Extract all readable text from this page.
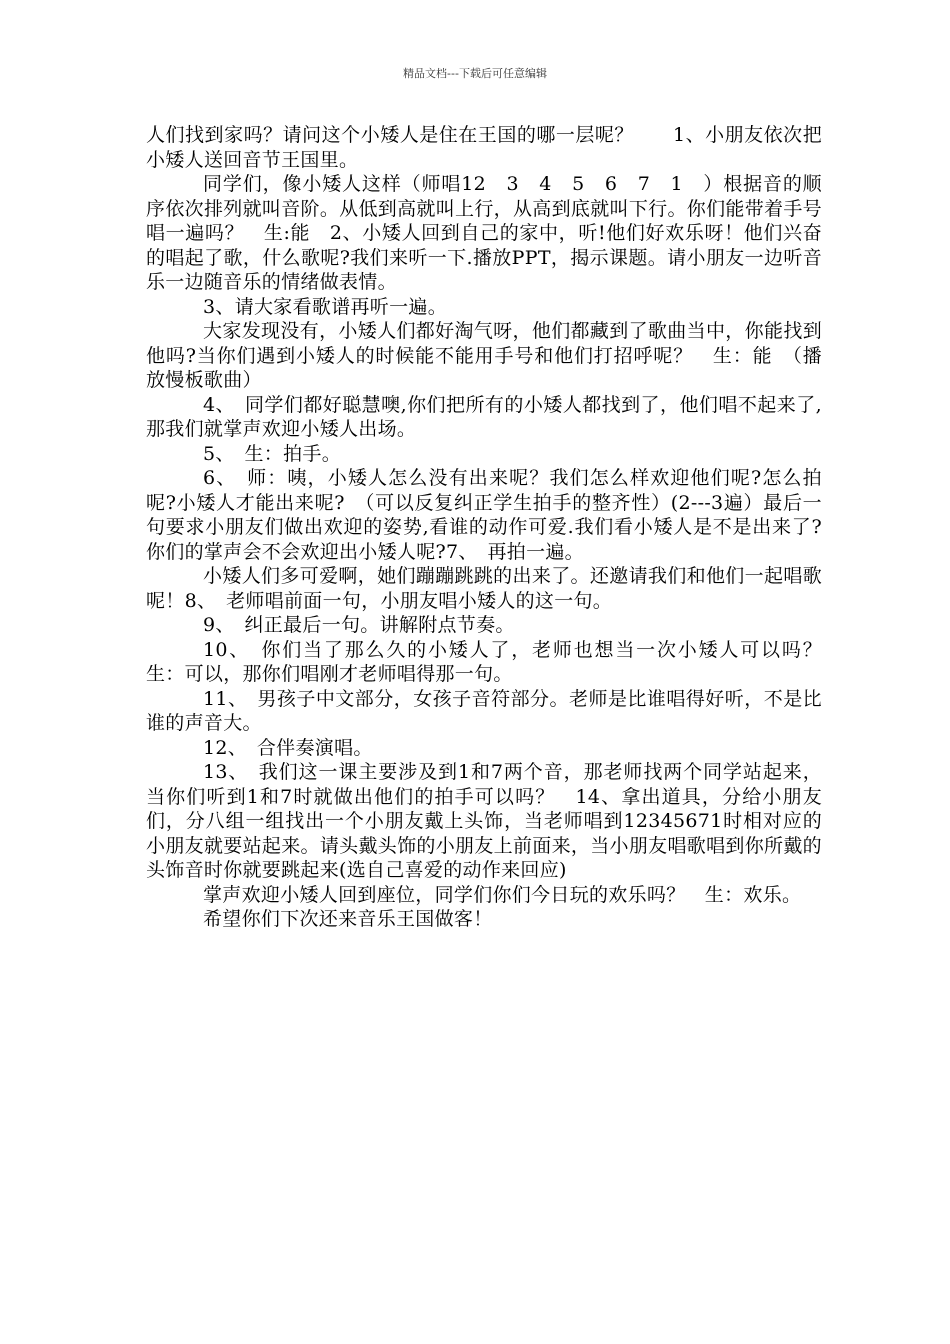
精品文档---下载后可任意编辑

人们找到家吗？请问这个小矮人是住在王国的哪一层呢？　　1、小朋友依次把小矮人送回音节王国里。

同学们，像小矮人这样（师唱12　3　4　5　6　7　1　）根据音的顺序依次排列就叫音阶。从低到高就叫上行，从高到底就叫下行。你们能带着手号唱一遍吗？　生:能　2、小矮人回到自己的家中，听!他们好欢乐呀！他们兴奋的唱起了歌，什么歌呢?我们来听一下.播放PPT，揭示课题。请小朋友一边听音乐一边随音乐的情绪做表情。

3、请大家看歌谱再听一遍。

大家发现没有，小矮人们都好淘气呀，他们都藏到了歌曲当中，你能找到他吗?当你们遇到小矮人的时候能不能用手号和他们打招呼呢？　生：能　（播放慢板歌曲）

4、　同学们都好聪慧噢,你们把所有的小矮人都找到了，他们唱不起来了,那我们就掌声欢迎小矮人出场。

5、　生：拍手。

6、　师：咦，小矮人怎么没有出来呢？我们怎么样欢迎他们呢?怎么拍呢?小矮人才能出来呢?　（可以反复纠正学生拍手的整齐性）(2---3遍）最后一句要求小朋友们做出欢迎的姿势,看谁的动作可爱.我们看小矮人是不是出来了?你们的掌声会不会欢迎出小矮人呢?7、　再拍一遍。

小矮人们多可爱啊，她们蹦蹦跳跳的出来了。还邀请我们和他们一起唱歌呢！8、　老师唱前面一句，小朋友唱小矮人的这一句。

9、　纠正最后一句。讲解附点节奏。

10、　你们当了那么久的小矮人了，老师也想当一次小矮人可以吗？　　生：可以，那你们唱刚才老师唱得那一句。

11、　男孩子中文部分，女孩子音符部分。老师是比谁唱得好听，不是比谁的声音大。

12、　合伴奏演唱。

13、　我们这一课主要涉及到1和7两个音，那老师找两个同学站起来，当你们听到1和7时就做出他们的拍手可以吗？　14、拿出道具，分给小朋友们，分八组一组找出一个小朋友戴上头饰，当老师唱到12345671时相对应的小朋友就要站起来。请头戴头饰的小朋友上前面来，当小朋友唱歌唱到你所戴的头饰音时你就要跳起来(选自己喜爱的动作来回应)

掌声欢迎小矮人回到座位，同学们你们今日玩的欢乐吗？　生：欢乐。

希望你们下次还来音乐王国做客！
